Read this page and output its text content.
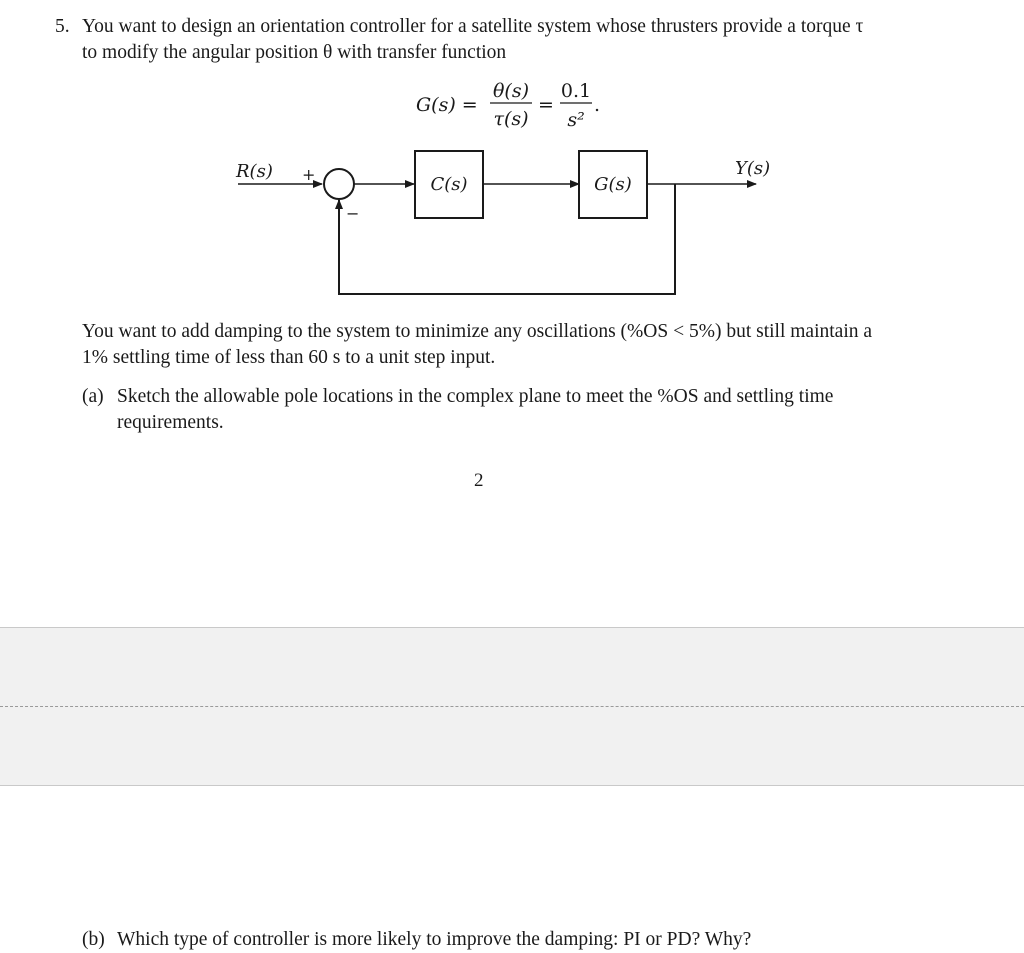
5. You want to design an orientation controller for a satellite system whose thrusters provide a torque τ
to modify the angular position θ with transfer function
G(s) =
θ(s)
τ(s)
=
0.1
s²
.
R(s) +
−
C(s)	G(s)
Y(s)
You want to add damping to the system to minimize any oscillations (%OS < 5%) but still maintain a
1% settling time of less than 60 s to a unit step input.
(a) Sketch the allowable pole locations in the complex plane to meet the %OS and settling time
requirements.
2
(b) Which type of controller is more likely to improve the damping: PI or PD? Why?
